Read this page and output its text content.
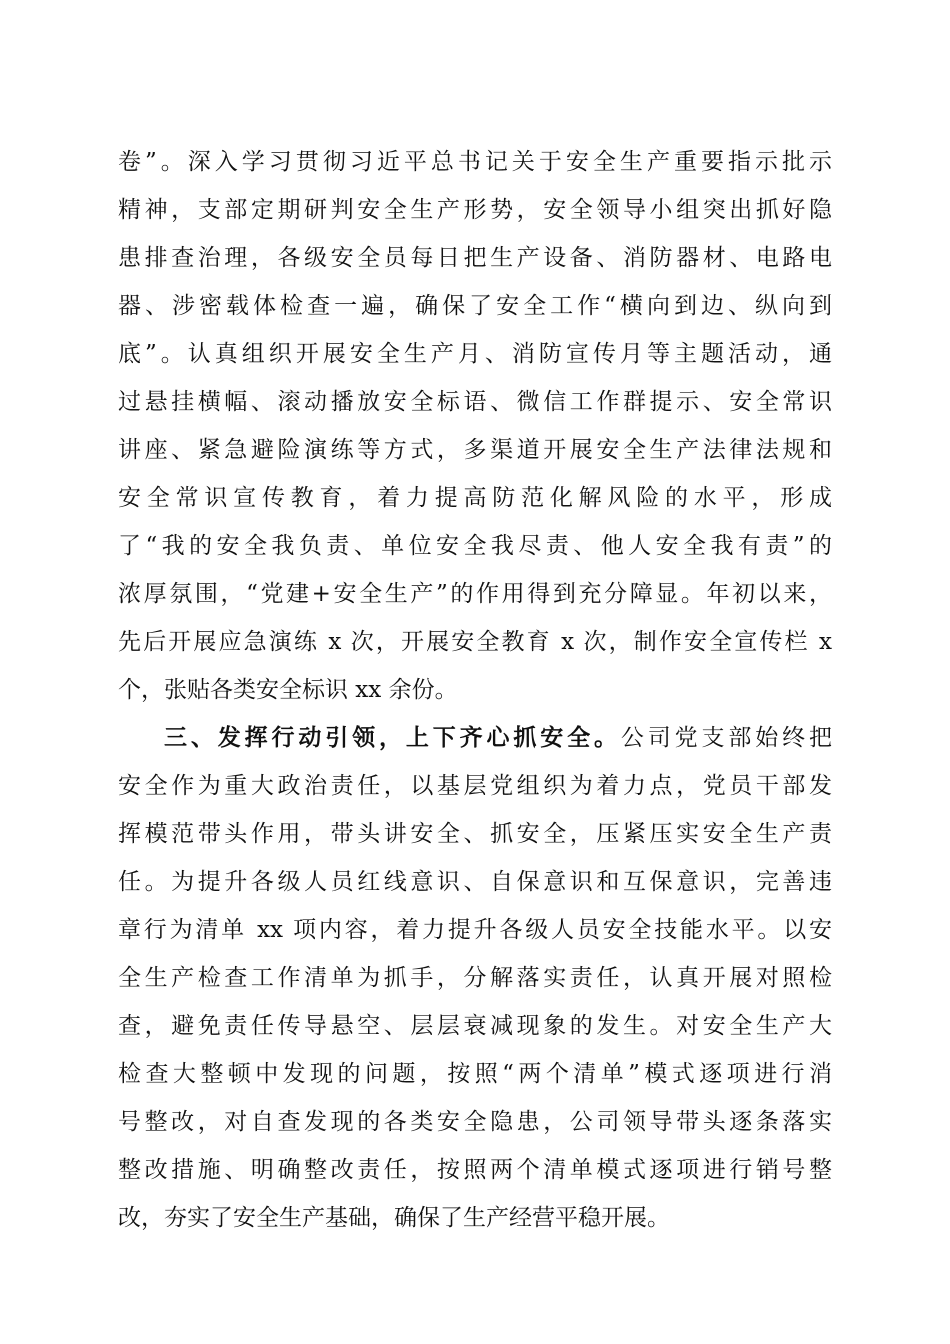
卷”。深入学习贯彻习近平总书记关于安全生产重要指示批示
精神，支部定期研判安全生产形势，安全领导小组突出抓好隐
患排查治理，各级安全员每日把生产设备、消防器材、电路电
器、涉密载体检查一遍，确保了安全工作“横向到边、纵向到
底”。认真组织开展安全生产月、消防宣传月等主题活动，通
过悬挂横幅、滚动播放安全标语、微信工作群提示、安全常识
讲座、紧急避险演练等方式，多渠道开展安全生产法律法规和
安全常识宣传教育，着力提高防范化解风险的水平，形成
了“我的安全我负责、单位安全我尽责、他人安全我有责”的
浓厚氛围，“党建+安全生产”的作用得到充分障显。年初以来，
先后开展应急演练 x 次，开展安全教育 x 次，制作安全宣传栏 x
个，张贴各类安全标识 xx 余份。
三、发挥行动引领，上下齐心抓安全。公司党支部始终把
安全作为重大政治责任，以基层党组织为着力点，党员干部发
挥模范带头作用，带头讲安全、抓安全，压紧压实安全生产责
任。为提升各级人员红线意识、自保意识和互保意识，完善违
章行为清单 xx 项内容，着力提升各级人员安全技能水平。以安
全生产检查工作清单为抓手，分解落实责任，认真开展对照检
查，避免责任传导悬空、层层衰减现象的发生。对安全生产大
检查大整顿中发现的问题，按照“两个清单”模式逐项进行消
号整改，对自查发现的各类安全隐患，公司领导带头逐条落实
整改措施、明确整改责任，按照两个清单模式逐项进行销号整
改，夯实了安全生产基础，确保了生产经营平稳开展。
